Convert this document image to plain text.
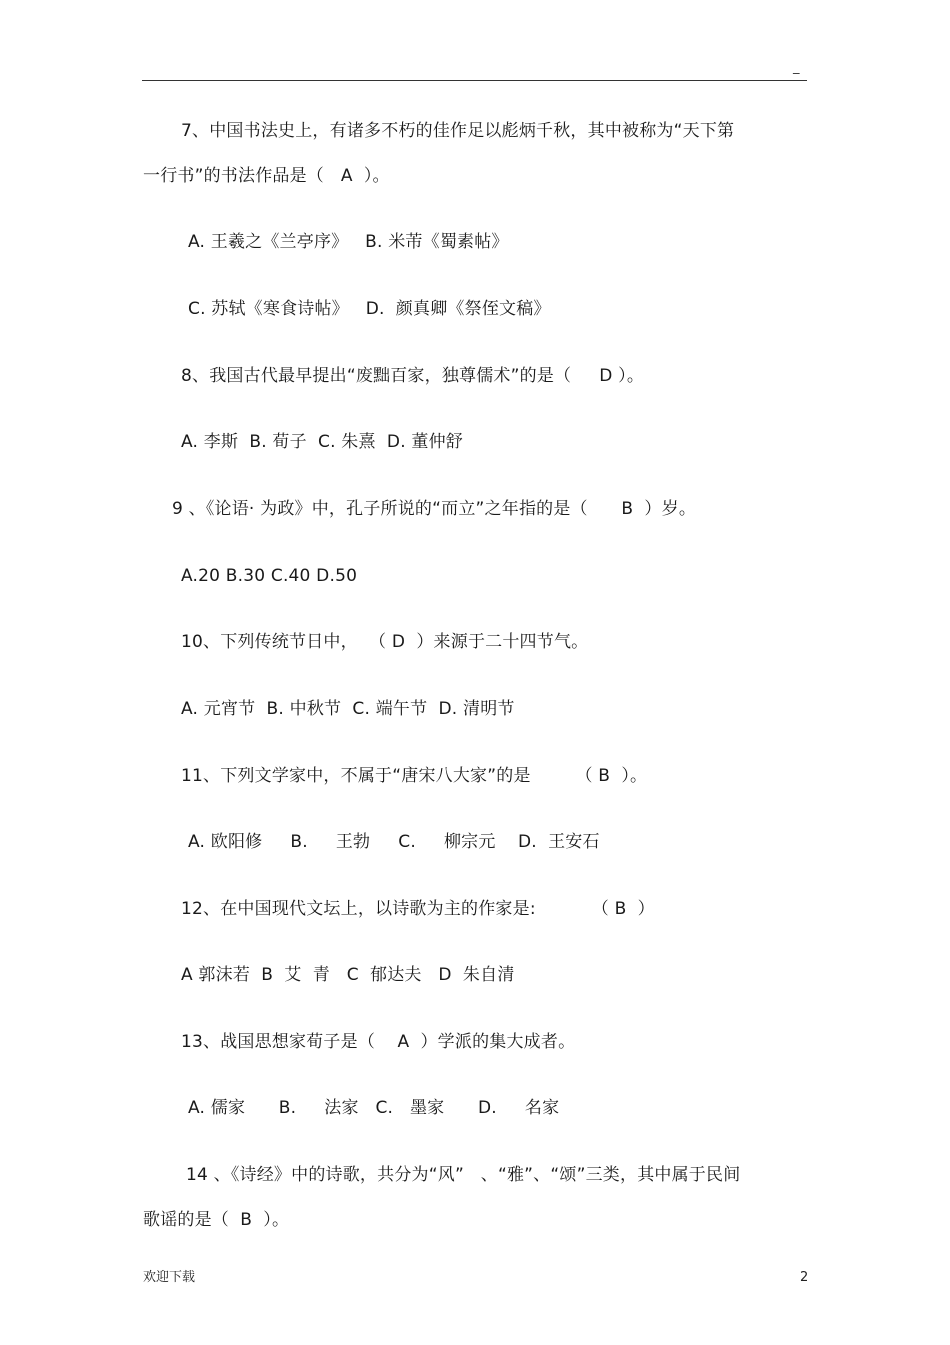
_
7、中国书法史上，有诸多不朽的佳作足以彪炳千秋，其中被称为“天下第
一行书”的书法作品是（   A  ）。
A. 王羲之《兰亭序》   B. 米芾《蜀素帖》
C. 苏轼《寒食诗帖》   D.  颜真卿《祭侄文稿》
8、我国古代最早提出“废黜百家，独尊儒术”的是（     D ）。
A. 李斯  B. 荀子  C. 朱熹  D. 董仲舒
9 、《论语· 为政》中，孔子所说的“而立”之年指的是（      B  ）岁。
A.20 B.30 C.40 D.50
10、下列传统节日中，  （ D  ）来源于二十四节气。
A. 元宵节  B. 中秋节  C. 端午节  D. 清明节
11、下列文学家中，不属于“唐宋八大家”的是        （ B  ）。
A. 欧阳修     B.     王勃     C.     柳宗元    D.  王安石
12、在中国现代文坛上，以诗歌为主的作家是:          （ B  ）
A 郭沫若  B  艾  青   C  郁达夫   D  朱自清
13、战国思想家荀子是（    A  ）学派的集大成者。
A. 儒家      B.     法家   C.   墨家      D.     名家
14 、《诗经》中的诗歌，共分为“风”   、“雅”、“颂”三类，其中属于民间
歌谣的是（  B  ）。
欢迎下载	2
